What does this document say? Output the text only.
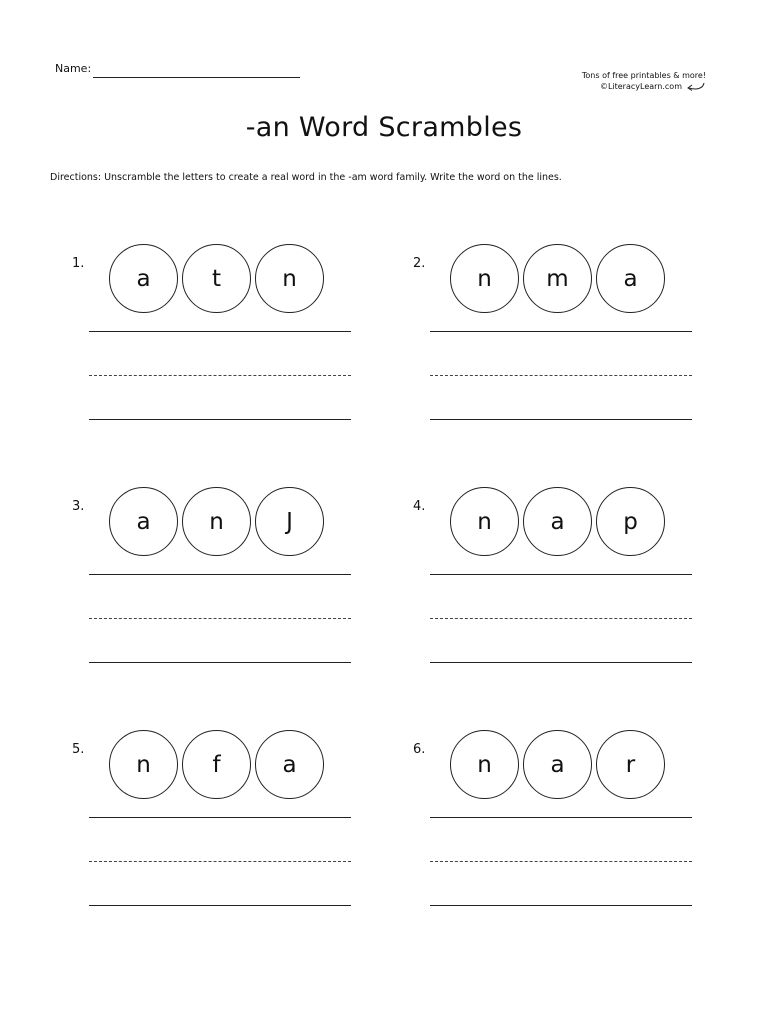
Name:
Tons of free printables & more!
©LiteracyLearn.com
-an Word Scrambles
Directions: Unscramble the letters to create a real word in the -am word family. Write the word on the lines.
1.
a	t	n
2.
n	m	a
3.
a	n	J
4.
n	a	p
5.
n	f	a
6.
n	a	r
